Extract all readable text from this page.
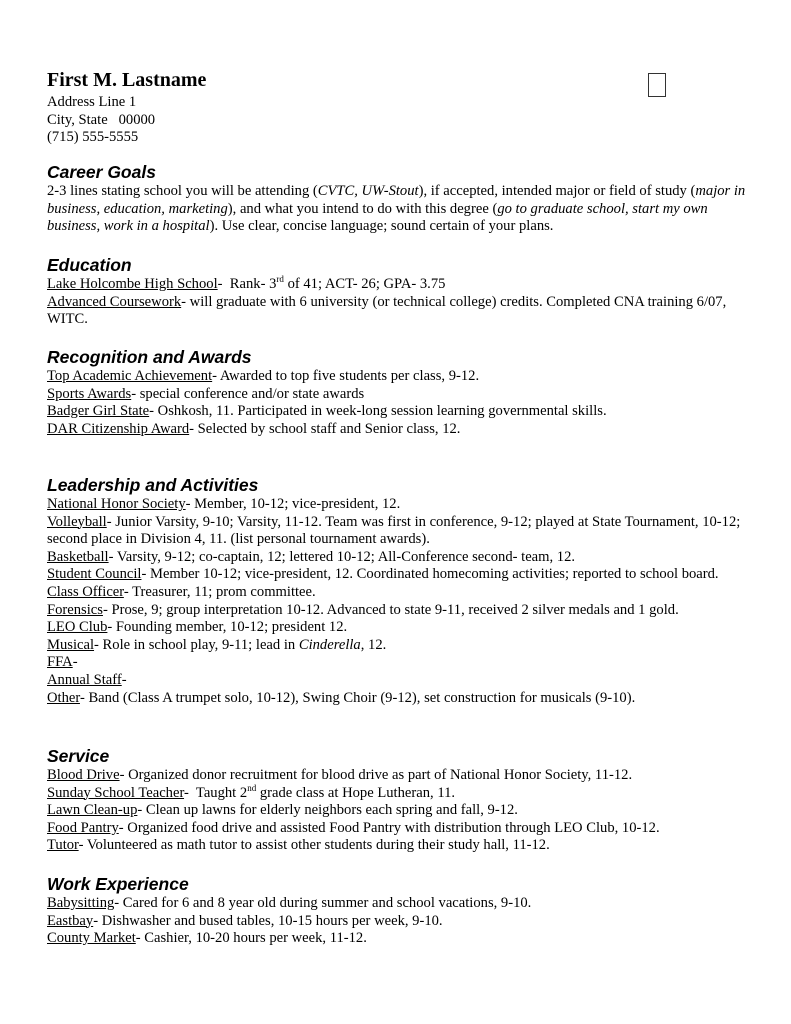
First M. Lastname
Address Line 1
City, State   00000
(715) 555-5555
Career Goals
2-3 lines stating school you will be attending (CVTC, UW-Stout), if accepted, intended major or field of study (major in business, education, marketing), and what you intend to do with this degree (go to graduate school, start my own business, work in a hospital). Use clear, concise language; sound certain of your plans.
Education
Lake Holcombe High School-  Rank- 3rd of 41; ACT- 26; GPA- 3.75
Advanced Coursework- will graduate with 6 university (or technical college) credits. Completed CNA training 6/07, WITC.
Recognition and Awards
Top Academic Achievement- Awarded to top five students per class, 9-12.
Sports Awards- special conference and/or state awards
Badger Girl State- Oshkosh, 11. Participated in week-long session learning governmental skills.
DAR Citizenship Award- Selected by school staff and Senior class, 12.
Leadership and Activities
National Honor Society- Member, 10-12; vice-president, 12.
Volleyball- Junior Varsity, 9-10; Varsity, 11-12. Team was first in conference, 9-12; played at State Tournament, 10-12; second place in Division 4, 11. (list personal tournament awards).
Basketball- Varsity, 9-12; co-captain, 12; lettered 10-12; All-Conference second- team, 12.
Student Council- Member 10-12; vice-president, 12. Coordinated homecoming activities; reported to school board.
Class Officer- Treasurer, 11; prom committee.
Forensics- Prose, 9; group interpretation 10-12. Advanced to state 9-11, received 2 silver medals and 1 gold.
LEO Club- Founding member, 10-12; president 12.
Musical- Role in school play, 9-11; lead in Cinderella, 12.
FFA-
Annual Staff-
Other- Band (Class A trumpet solo, 10-12), Swing Choir (9-12), set construction for musicals (9-10).
Service
Blood Drive- Organized donor recruitment for blood drive as part of National Honor Society, 11-12.
Sunday School Teacher-  Taught 2nd grade class at Hope Lutheran, 11.
Lawn Clean-up- Clean up lawns for elderly neighbors each spring and fall, 9-12.
Food Pantry- Organized food drive and assisted Food Pantry with distribution through LEO Club, 10-12.
Tutor- Volunteered as math tutor to assist other students during their study hall, 11-12.
Work Experience
Babysitting- Cared for 6 and 8 year old during summer and school vacations, 9-10.
Eastbay- Dishwasher and bused tables, 10-15 hours per week, 9-10.
County Market- Cashier, 10-20 hours per week, 11-12.
